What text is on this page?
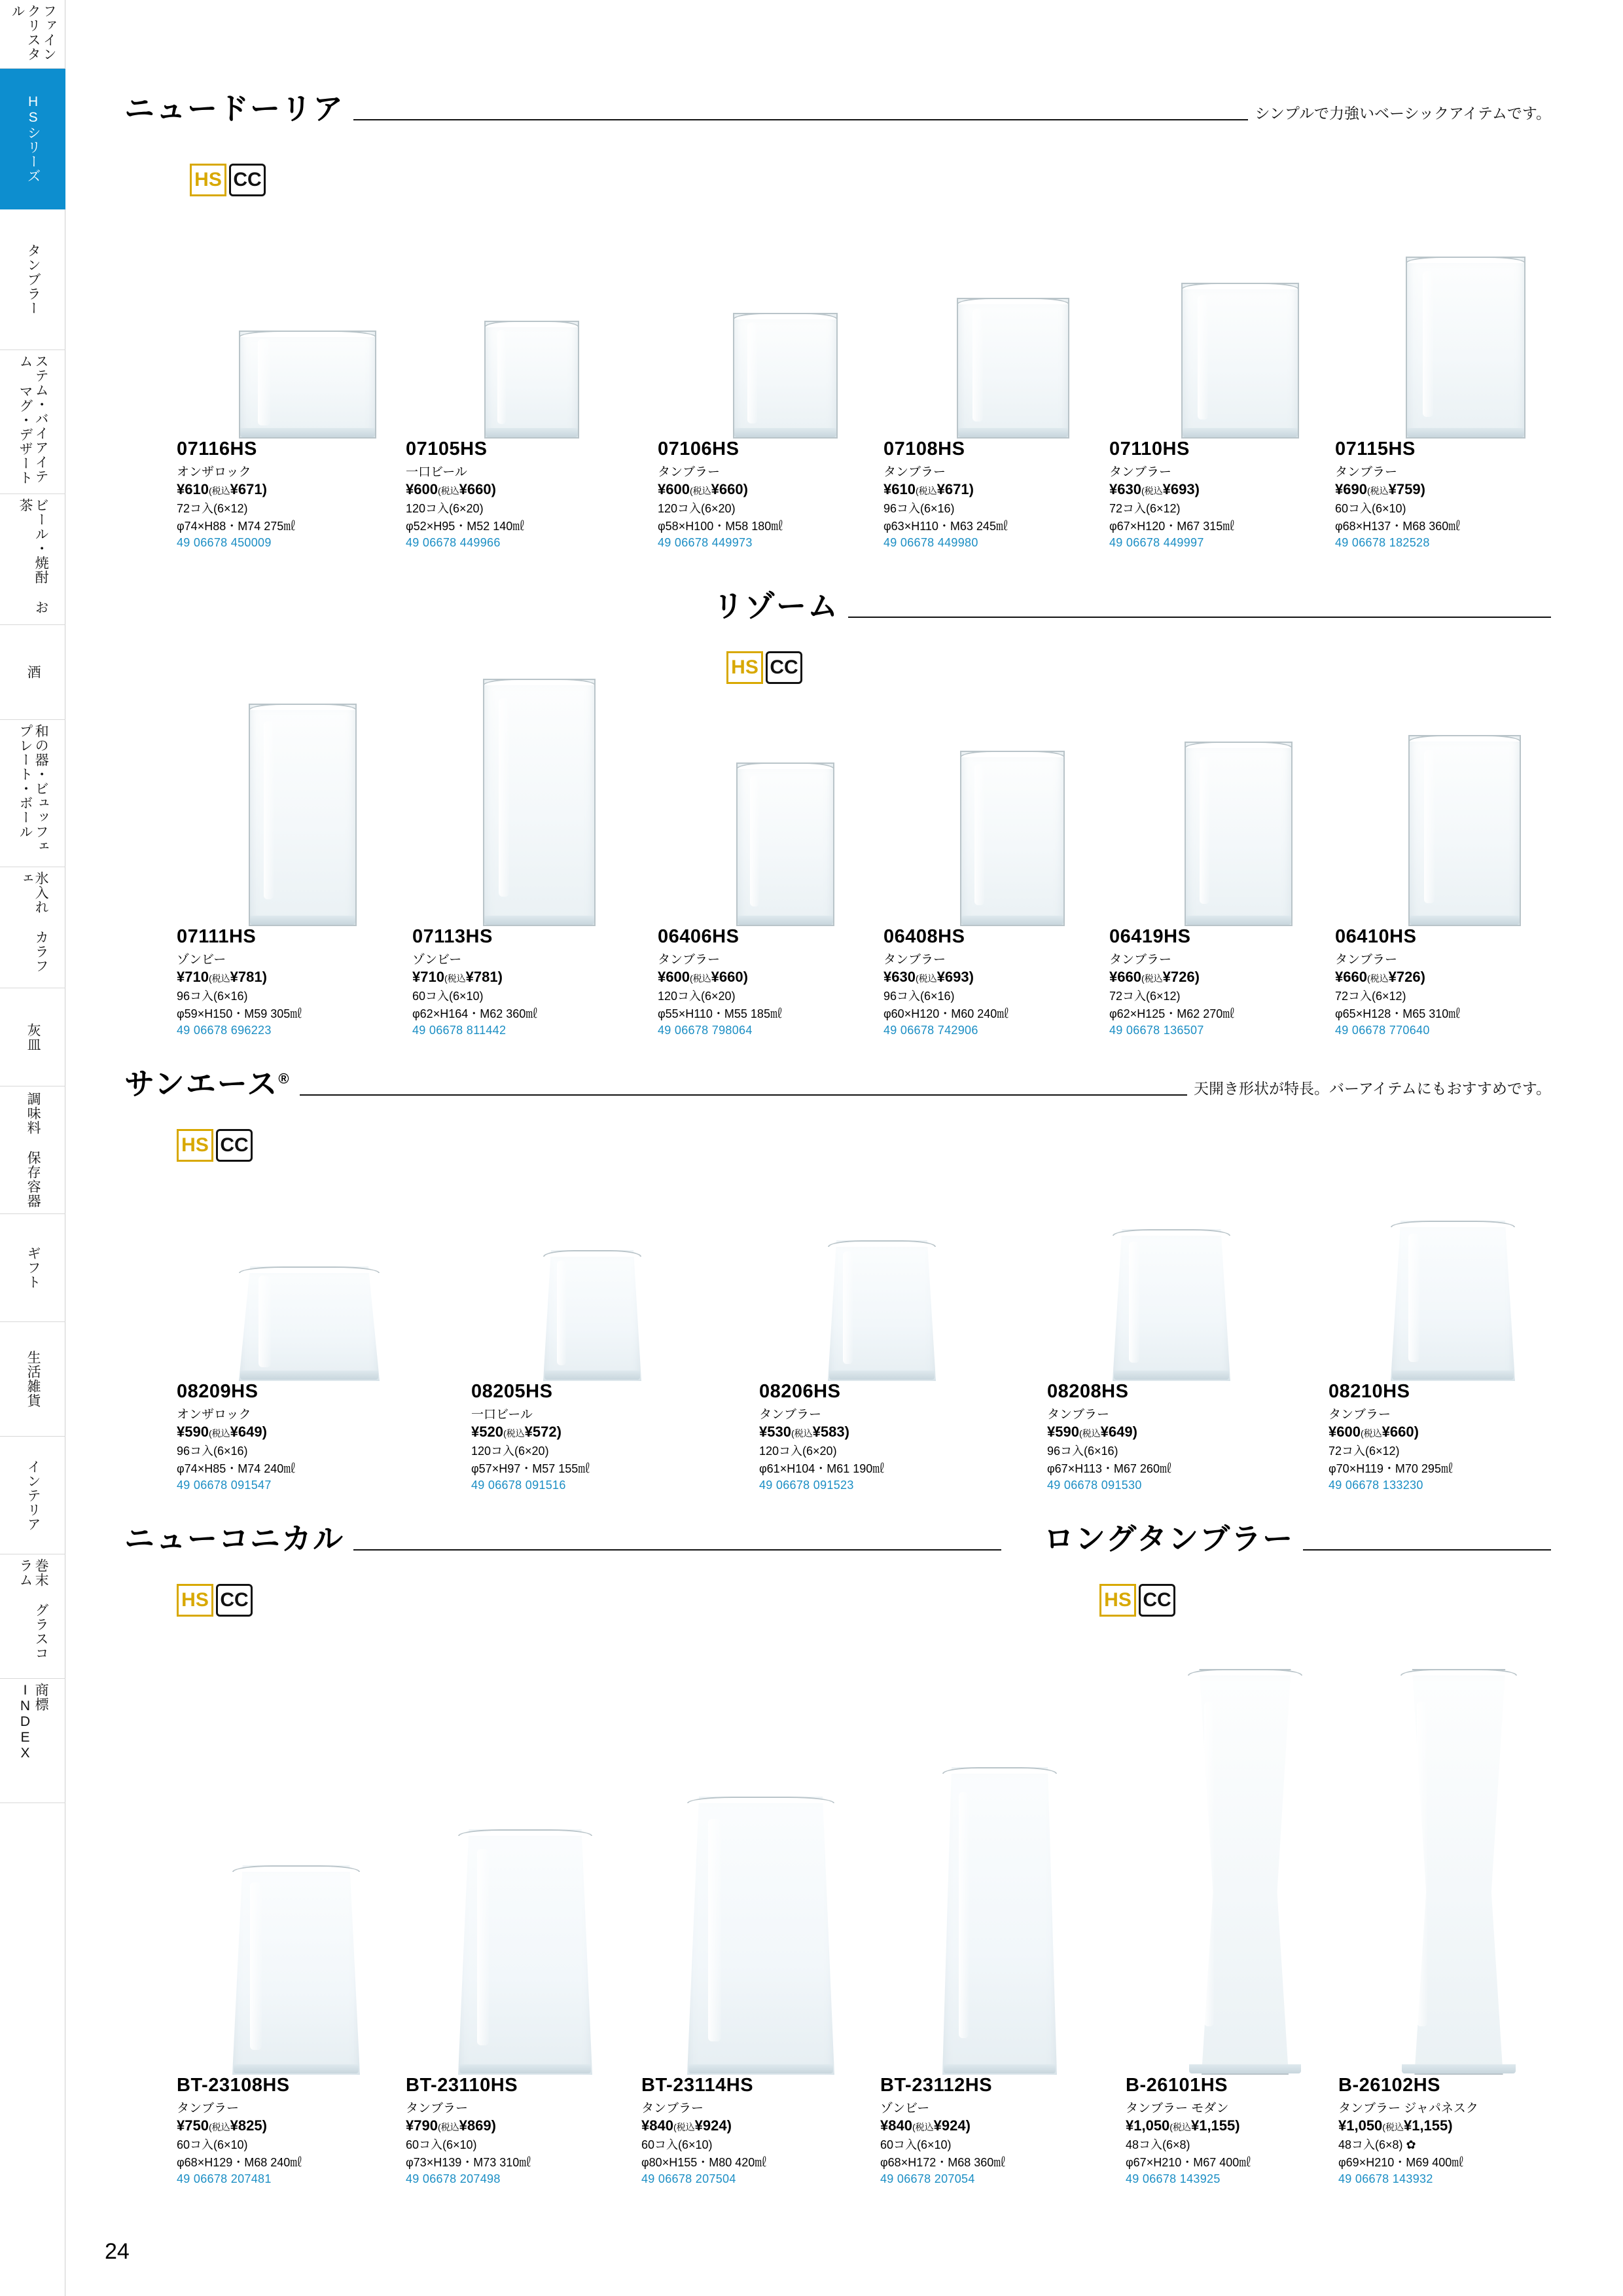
ファインクリスタル
HSシリーズ
タンブラー
ステム・バイアイテム マグ・デザート
ビール・焼酎 お茶
酒
和の器・ビュッフェ プレート・ボール
氷入れ カラフェ
灰皿
調味料 保存容器
ギフト
生活雑貨
インテリア
巻末 グラスコラム
商標 INDEX
ニュードーリア	シンプルで力強いベーシックアイテムです。
HS CC
リゾーム
HS CC
サンエース®
天開き形状が特長。バーアイテムにもおすすめです。
HS CC
ニューコニカル
HS CC
ロングタンブラー
HS CC
07116HS
オンザロック
¥610(税込¥671)
72コ入(6×12)
φ74×H88・M74 275㎖
49 06678 450009
07105HS
一口ビール
¥600(税込¥660)
120コ入(6×20)
φ52×H95・M52 140㎖
49 06678 449966
07106HS
タンブラー
¥600(税込¥660)
120コ入(6×20)
φ58×H100・M58 180㎖
49 06678 449973
07108HS
タンブラー
¥610(税込¥671)
96コ入(6×16)
φ63×H110・M63 245㎖
49 06678 449980
07110HS
タンブラー
¥630(税込¥693)
72コ入(6×12)
φ67×H120・M67 315㎖
49 06678 449997
07115HS
タンブラー
¥690(税込¥759)
60コ入(6×10)
φ68×H137・M68 360㎖
49 06678 182528
07111HS
ゾンビー
¥710(税込¥781)
96コ入(6×16)
φ59×H150・M59 305㎖
49 06678 696223
07113HS
ゾンビー
¥710(税込¥781)
60コ入(6×10)
φ62×H164・M62 360㎖
49 06678 811442
06406HS
タンブラー
¥600(税込¥660)
120コ入(6×20)
φ55×H110・M55 185㎖
49 06678 798064
06408HS
タンブラー
¥630(税込¥693)
96コ入(6×16)
φ60×H120・M60 240㎖
49 06678 742906
06419HS
タンブラー
¥660(税込¥726)
72コ入(6×12)
φ62×H125・M62 270㎖
49 06678 136507
06410HS
タンブラー
¥660(税込¥726)
72コ入(6×12)
φ65×H128・M65 310㎖
49 06678 770640
08209HS
オンザロック
¥590(税込¥649)
96コ入(6×16)
φ74×H85・M74 240㎖
49 06678 091547
08205HS
一口ビール
¥520(税込¥572)
120コ入(6×20)
φ57×H97・M57 155㎖
49 06678 091516
08206HS
タンブラー
¥530(税込¥583)
120コ入(6×20)
φ61×H104・M61 190㎖
49 06678 091523
08208HS
タンブラー
¥590(税込¥649)
96コ入(6×16)
φ67×H113・M67 260㎖
49 06678 091530
08210HS
タンブラー
¥600(税込¥660)
72コ入(6×12)
φ70×H119・M70 295㎖
49 06678 133230
BT-23108HS
タンブラー
¥750(税込¥825)
60コ入(6×10)
φ68×H129・M68 240㎖
49 06678 207481
BT-23110HS
タンブラー
¥790(税込¥869)
60コ入(6×10)
φ73×H139・M73 310㎖
49 06678 207498
BT-23114HS
タンブラー
¥840(税込¥924)
60コ入(6×10)
φ80×H155・M80 420㎖
49 06678 207504
BT-23112HS
ゾンビー
¥840(税込¥924)
60コ入(6×10)
φ68×H172・M68 360㎖
49 06678 207054
B-26101HS
タンブラー モダン
¥1,050(税込¥1,155)
48コ入(6×8)
φ67×H210・M67 400㎖
49 06678 143925
B-26102HS
タンブラー ジャパネスク
¥1,050(税込¥1,155)
48コ入(6×8) ✿
φ69×H210・M69 400㎖
49 06678 143932
24
